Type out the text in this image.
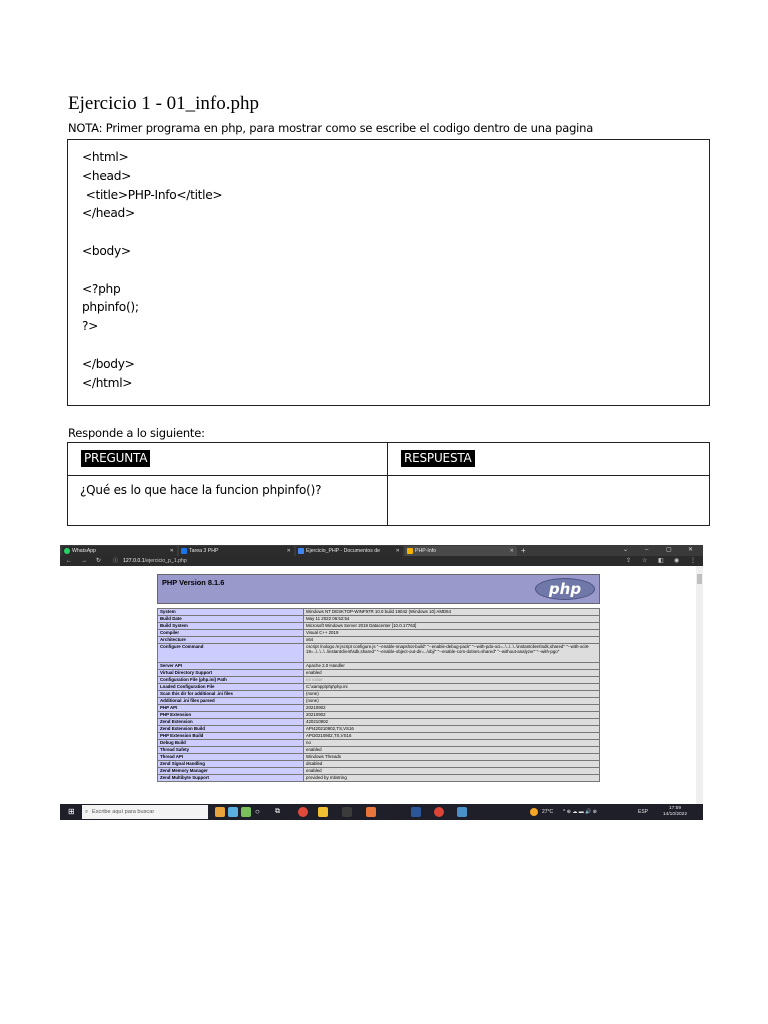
Ejercicio 1 - 01_info.php
NOTA: Primer programa en php, para mostrar como se escribe el codigo dentro de una pagina
<html>
<head>
<title>PHP-Info</title>
</head>
<body>
<?php
phpinfo();
?>
</body>
</html>
Responde a lo siguiente:
PREGUNTA	RESPUESTA
¿Qué es lo que hace la funcion phpinfo()?	
WhatsApp	✕	Tarea 3 PHP	✕	Ejercicio_PHP - Documentos de	✕	PHP-Info	✕ +	⌄	–	▢	✕
← → ↻ ⓘ 127.0.0.1/ejercicio_p_1.php	⇪ ☆ ◧ ◉ ⋮
PHP Version 8.1.6	php
System	Windows NT DESKTOP-WINF97R 10.0 build 19042 (Windows 10) AMD64
Build Date	May 11 2022 06:52:54
Build System	Microsoft Windows Server 2019 Datacenter [10.0.17763]
Compiler	Visual C++ 2019
Architecture	x64
Configure Command	cscript /nologo /e:jscript configure.js "--enable-snapshot-build" "--enable-debug-pack" "--with-pdo-oci=..\..\..\..\instantclient\sdk,shared" "--with-oci8-19=..\..\..\..\instantclient\sdk,shared" "--enable-object-out-dir=../obj/" "--enable-com-dotnet=shared" "--without-analyzer" "--with-pgo"
Server API	Apache 2.0 Handler
Virtual Directory Support	enabled
Configuration File (php.ini) Path	no value
Loaded Configuration File	C:\xampp\php\php.ini
Scan this dir for additional .ini files	(none)
Additional .ini files parsed	(none)
PHP API	20210902
PHP Extension	20210902
Zend Extension	420210902
Zend Extension Build	API420210902,TS,VS16
PHP Extension Build	API20210902,TS,VS16
Debug Build	no
Thread Safety	enabled
Thread API	Windows Threads
Zend Signal Handling	disabled
Zend Memory Manager	enabled
Zend Multibyte Support	provided by mbstring
⊞ ⌕ Escribe aquí para buscar	○	⧉	27°C ^ ⊕ ☁ ▬ 🔊 ⊛	ESP
17:59
14/10/2022
